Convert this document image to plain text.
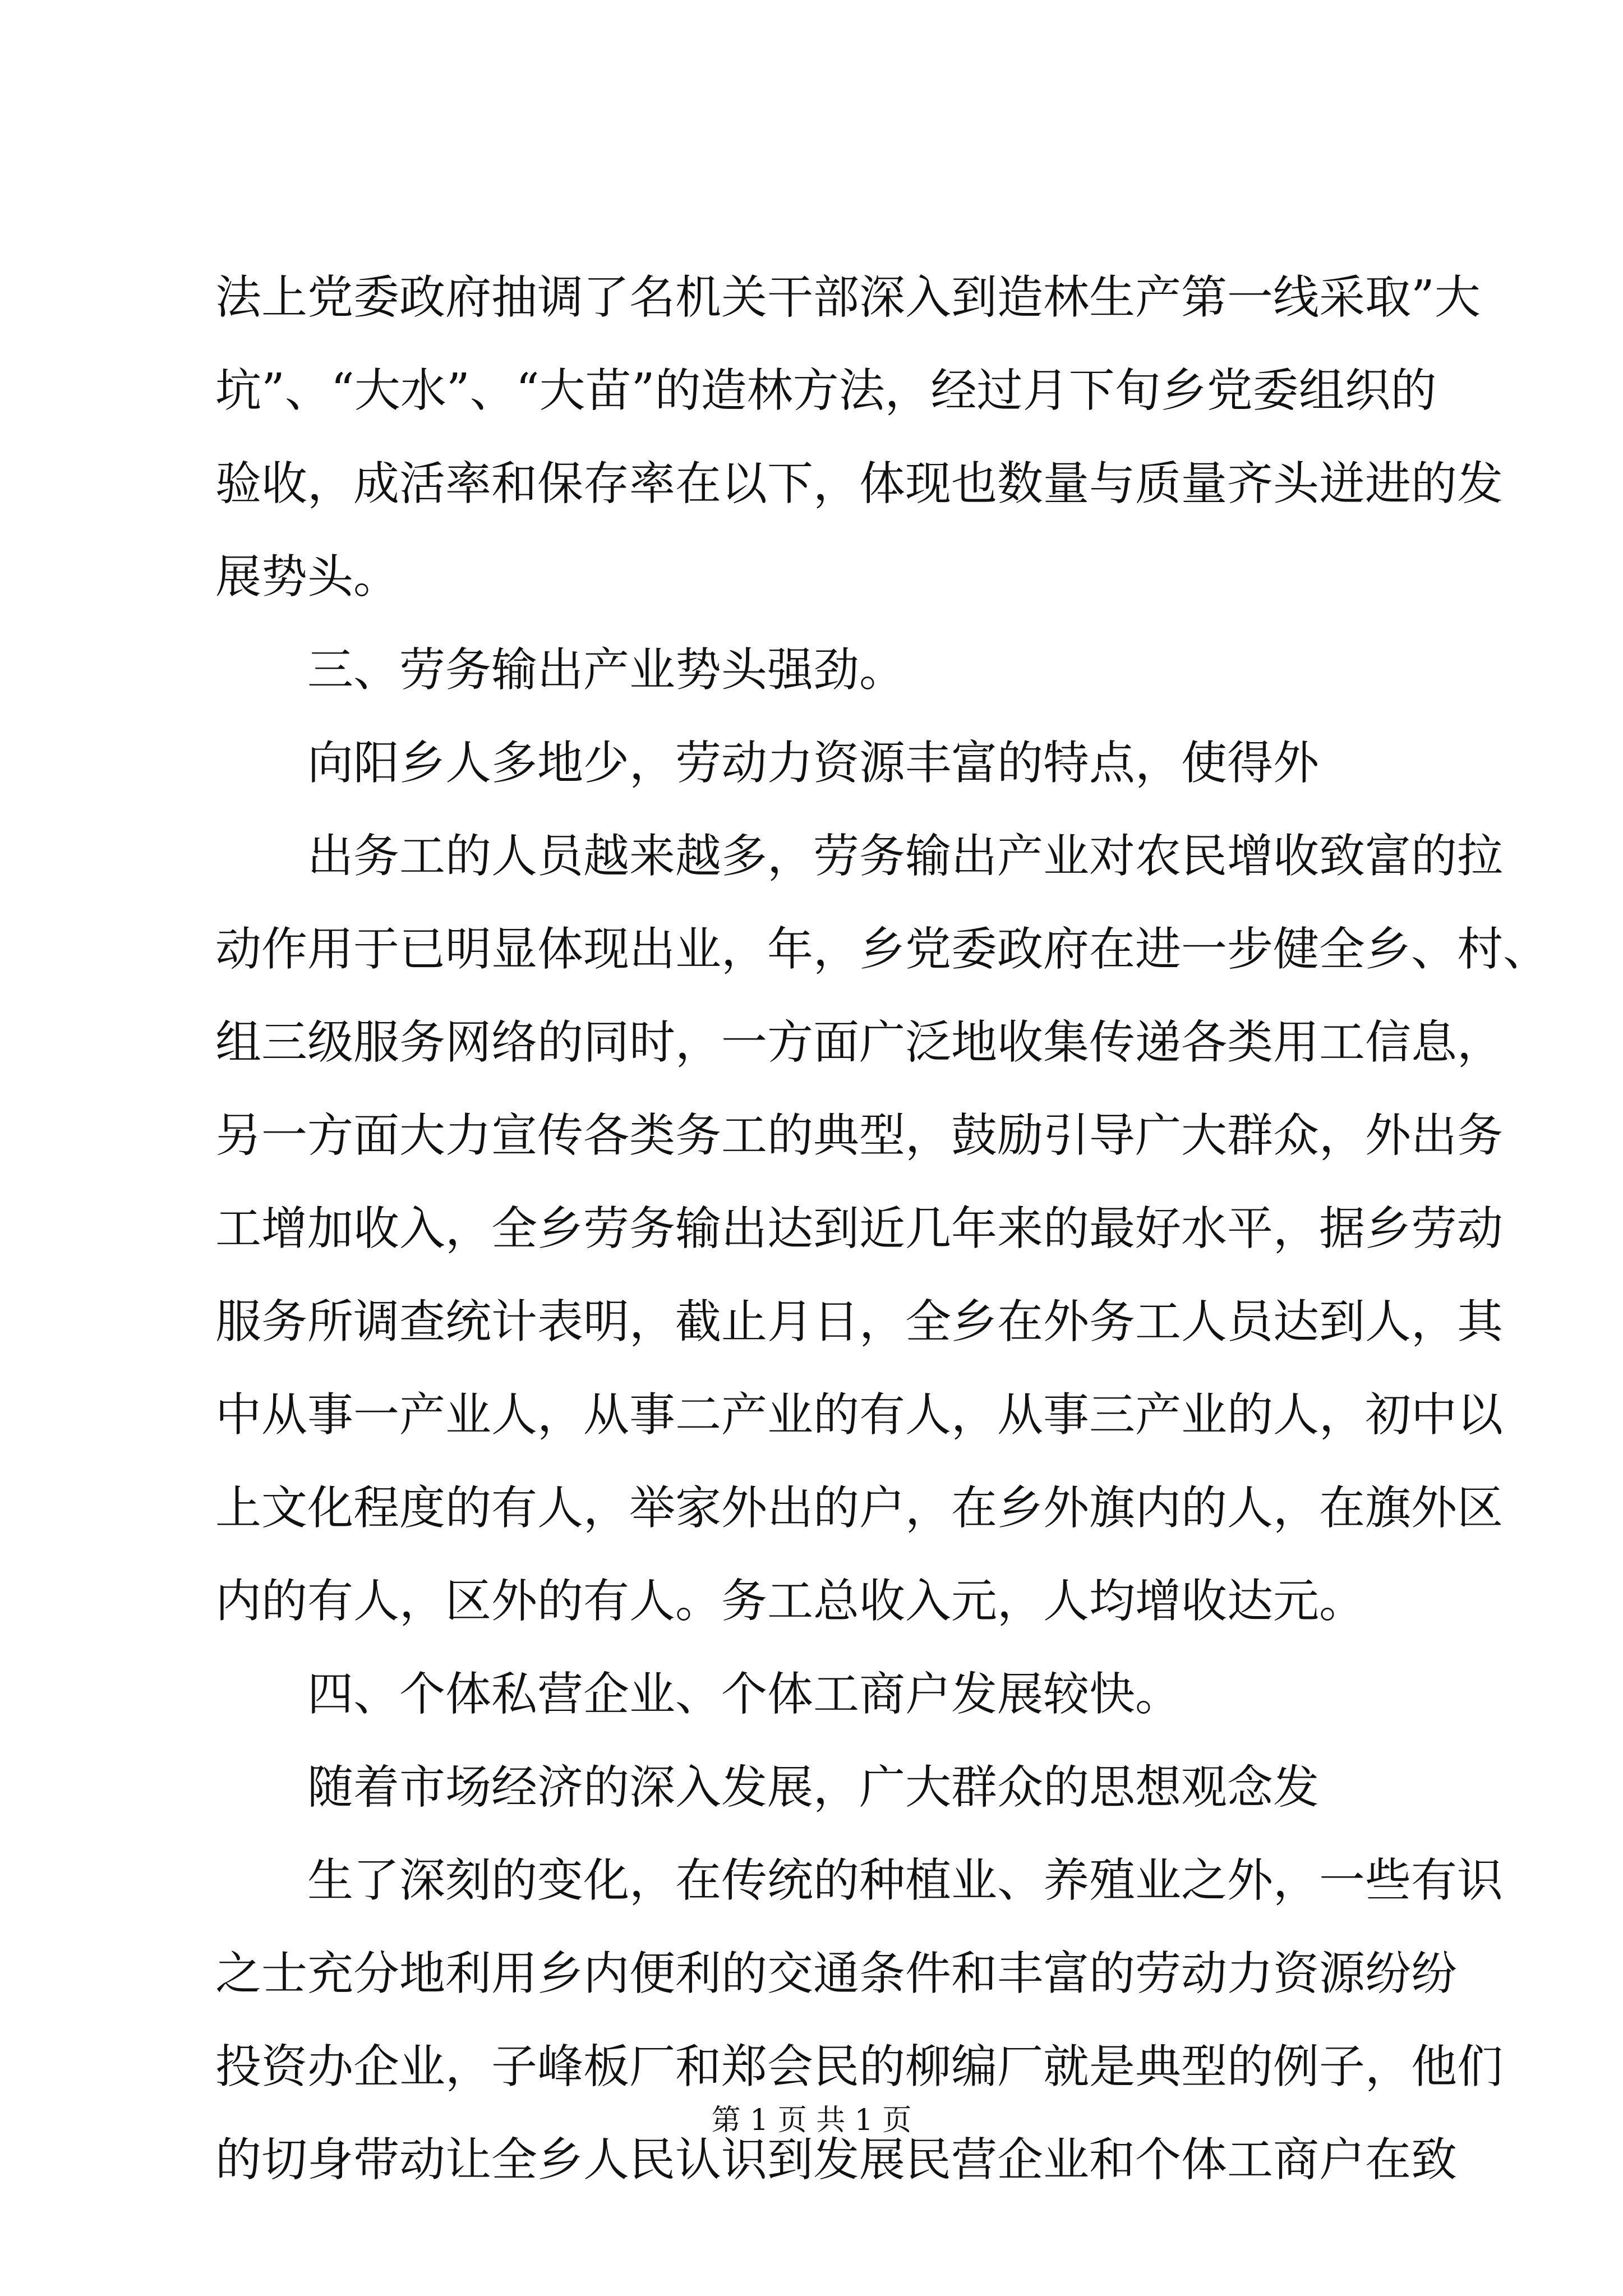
法上党委政府抽调了名机关干部深入到造林生产第一线采取”大
坑”、“大水”、“大苗”的造林方法，经过月下旬乡党委组织的
验收，成活率和保存率在以下，体现也数量与质量齐头迸进的发
展势头。
三、劳务输出产业势头强劲。
向阳乡人多地少，劳动力资源丰富的特点，使得外
出务工的人员越来越多，劳务输出产业对农民增收致富的拉
动作用于已明显体现出业，年，乡党委政府在进一步健全乡、村、
组三级服务网络的同时，一方面广泛地收集传递各类用工信息，
另一方面大力宣传各类务工的典型，鼓励引导广大群众，外出务
工增加收入，全乡劳务输出达到近几年来的最好水平，据乡劳动
服务所调查统计表明，截止月日，全乡在外务工人员达到人，其
中从事一产业人，从事二产业的有人，从事三产业的人，初中以
上文化程度的有人，举家外出的户，在乡外旗内的人，在旗外区
内的有人，区外的有人。务工总收入元，人均增收达元。
四、个体私营企业、个体工商户发展较快。
随着市场经济的深入发展，广大群众的思想观念发
生了深刻的变化，在传统的种植业、养殖业之外，一些有识
之士充分地利用乡内便利的交通条件和丰富的劳动力资源纷纷
投资办企业，子峰板厂和郑会民的柳编厂就是典型的例子，他们
的切身带动让全乡人民认识到发展民营企业和个体工商户在致
第 1 页 共 1 页
